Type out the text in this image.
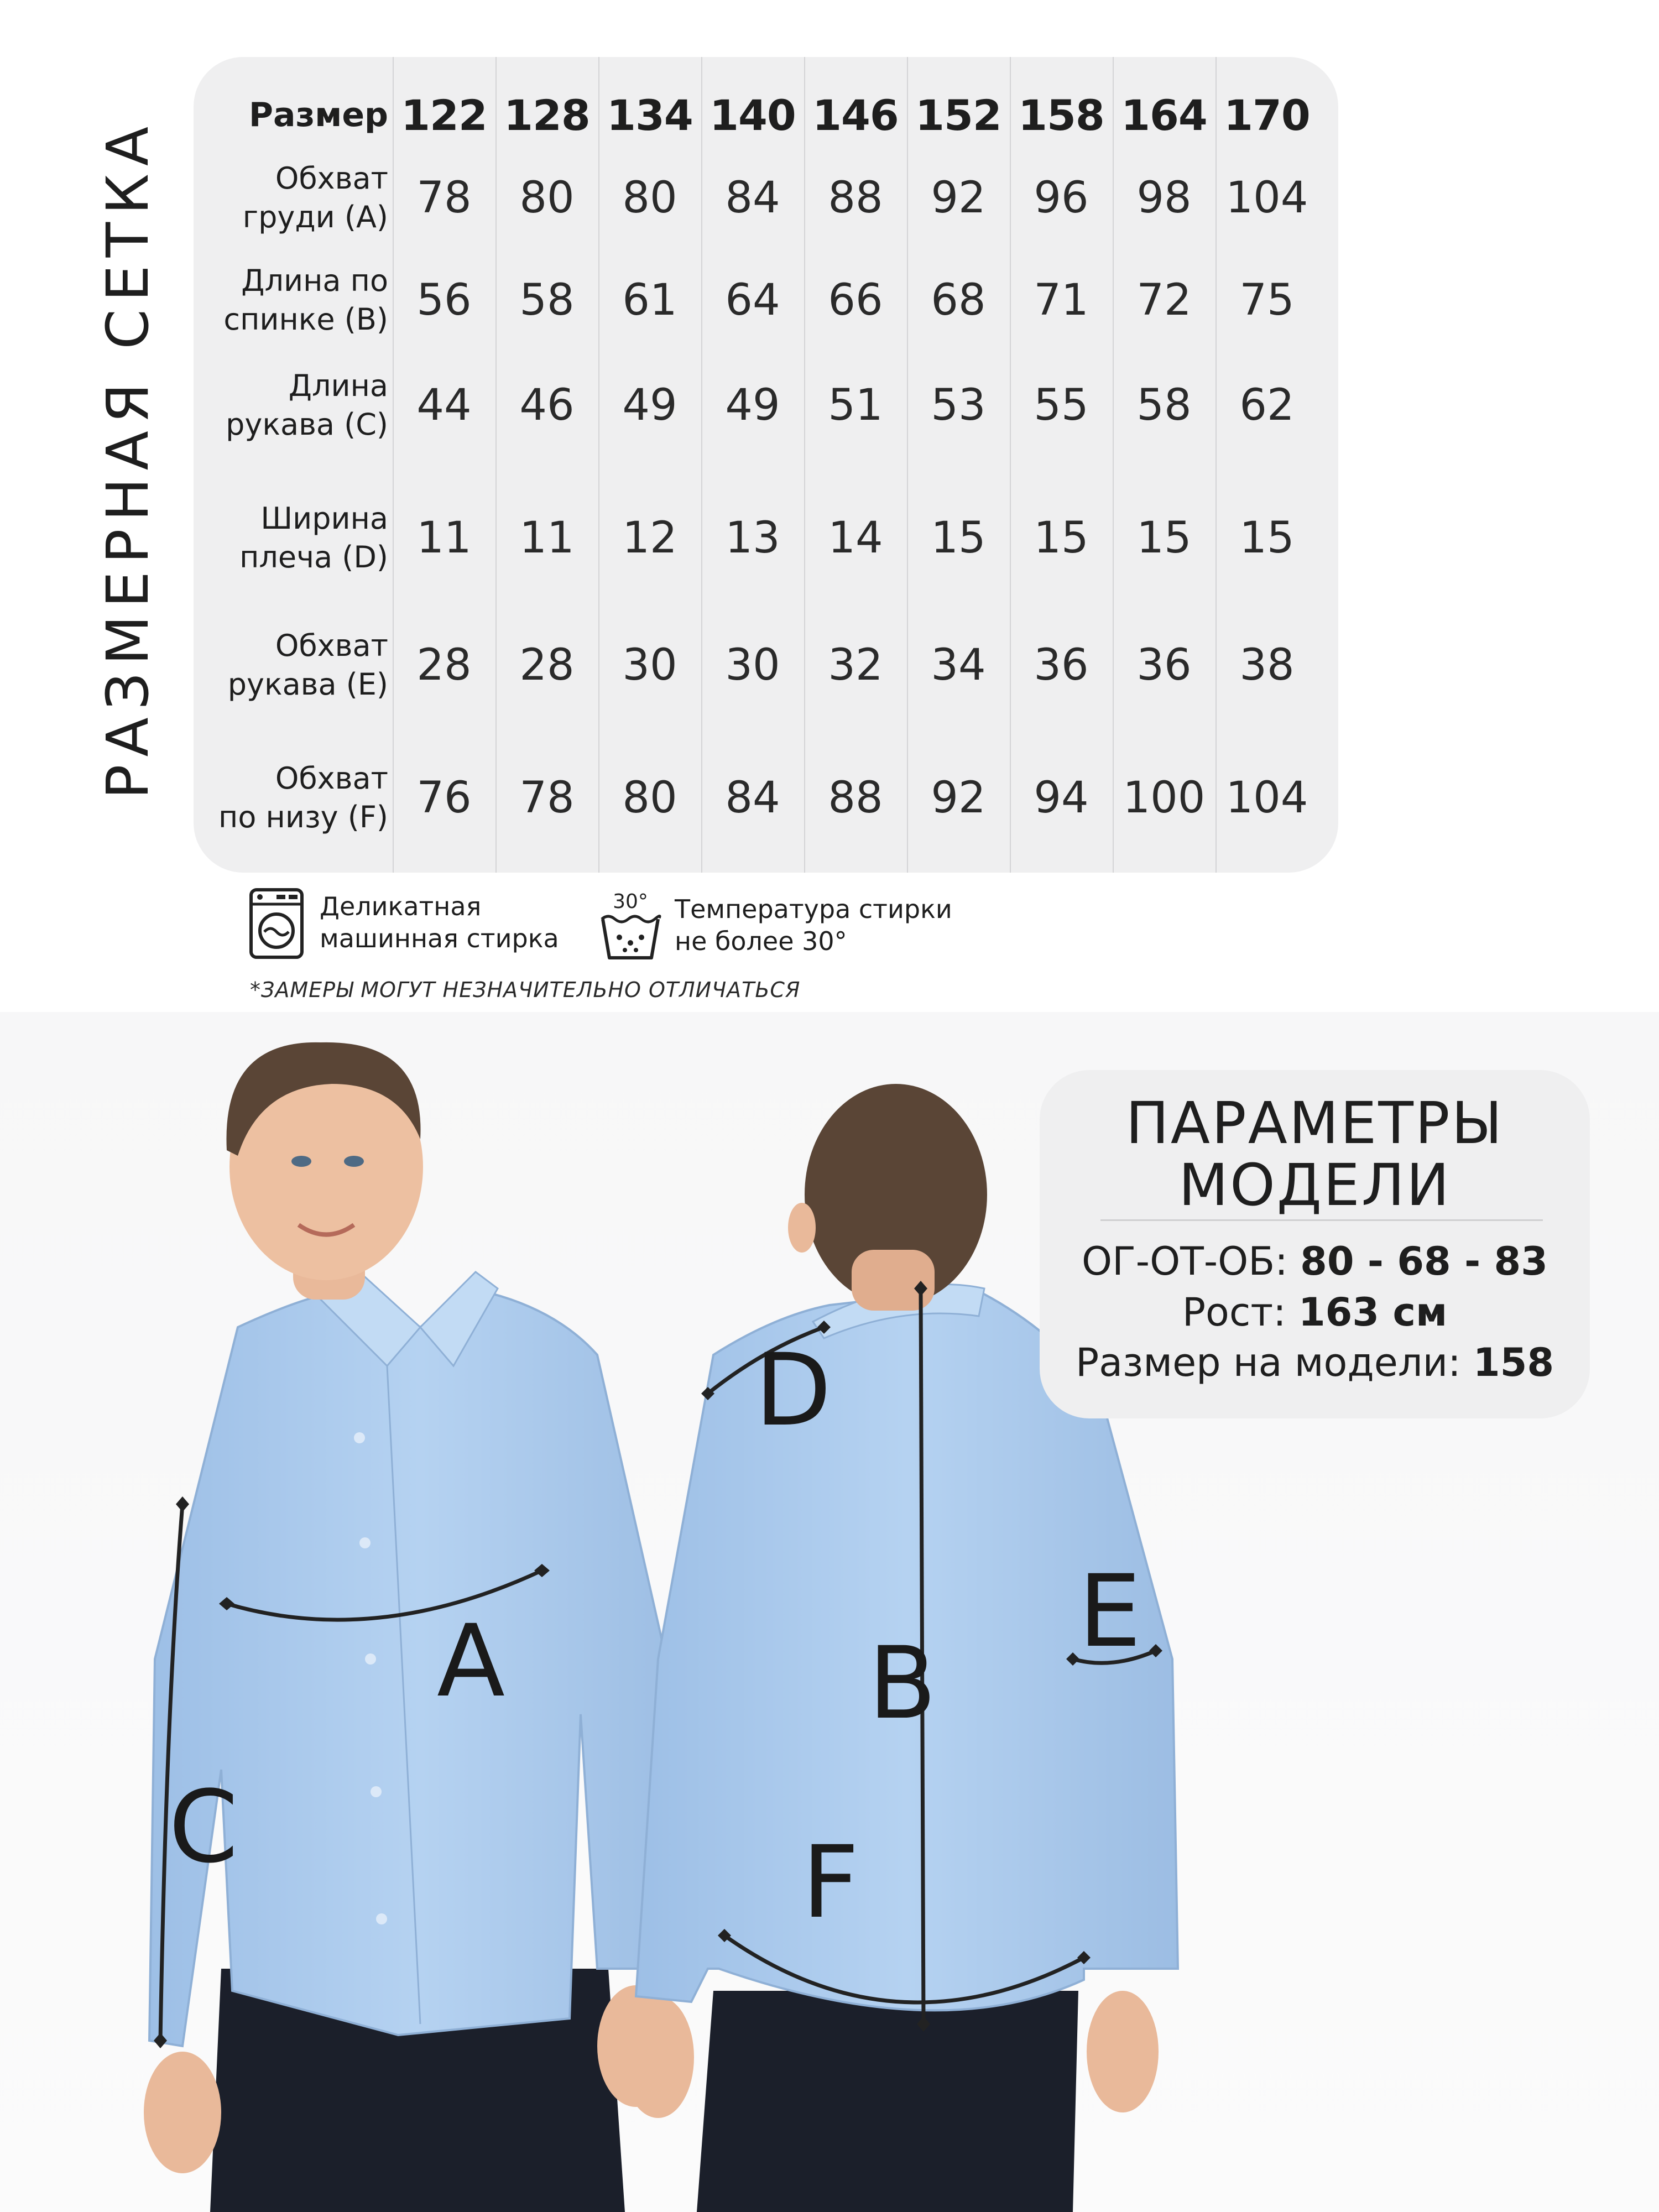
РАЗМЕРНАЯ СЕТКА
Размер 122 128 134 140 146 152 158 164 170
Обхват
груди (А) 78	80	80	84	88	92	96	98 104
Длина по
спинке (В) 56	58	61	64	66	68	71	72	75
Длина
рукава (С) 44	46	49	49	51	53	55	58	62
Ширина
плеча (D) 11	11	12	13	14	15	15	15	15
Обхват
рукава (E) 28	28	30	30	32	34	36	36	38
Обхват
по низу (F) 76	78	80	84	88	92	94 100 104
Деликатная
машинная стирка
30° Температура стирки
не более 30°
*ЗАМЕРЫ МОГУТ НЕЗНАЧИТЕЛЬНО ОТЛИЧАТЬСЯ
A	B
C
D
E
F
ПАРАМЕТРЫ
МОДЕЛИ
ОГ-ОТ-ОБ: 80 - 68 - 83
Рост: 163 см
Размер на модели: 158
